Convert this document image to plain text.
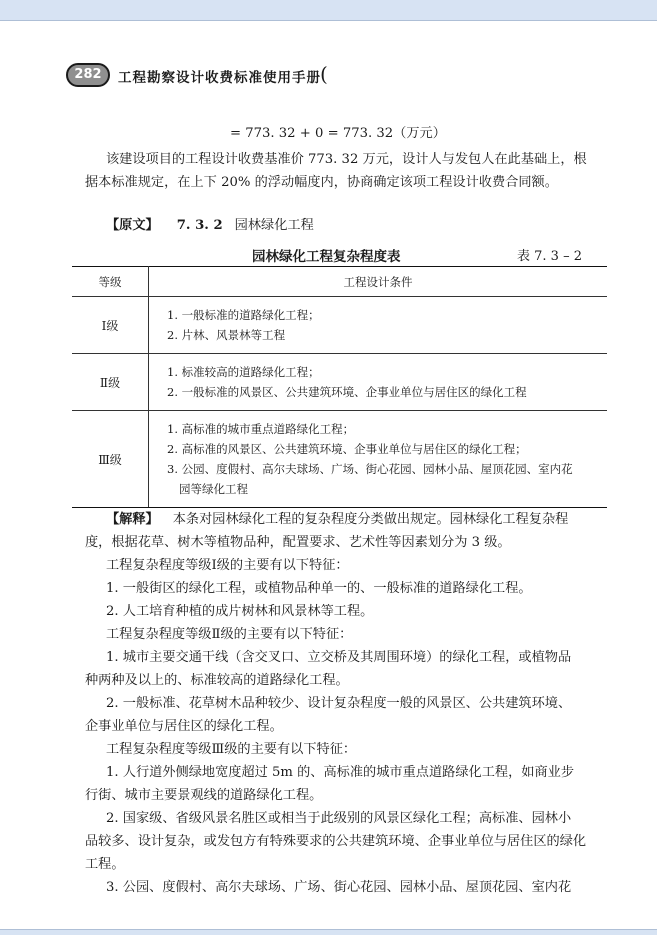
282	工程勘察设计收费标准使用手册 (

= 773. 32 + 0 = 773. 32（万元）

该建设项目的工程设计收费基准价 773. 32 万元，设计人与发包人在此基础上，根

据本标准规定，在上下 20% 的浮动幅度内，协商确定该项工程设计收费合同额。

【原文】 7. 3. 2 园林绿化工程

园林绿化工程复杂程度表	表 7. 3 – 2
等级	工程设计条件
Ⅰ级	1. 一般标准的道路绿化工程；
2. 片林、风景林等工程

Ⅱ级	1. 标准较高的道路绿化工程；
2. 一般标准的风景区、公共建筑环境、企事业单位与居住区的绿化工程

Ⅲ级	1. 高标准的城市重点道路绿化工程；
2. 高标准的风景区、公共建筑环境、企事业单位与居住区的绿化工程；
3. 公园、度假村、高尔夫球场、广场、街心花园、园林小品、屋顶花园、室内花
园等绿化工程

【解释】 本条对园林绿化工程的复杂程度分类做出规定。园林绿化工程复杂程

度，根据花草、树木等植物品种，配置要求、艺术性等因素划分为 3 级。

工程复杂程度等级Ⅰ级的主要有以下特征：

1. 一般街区的绿化工程，或植物品种单一的、一般标准的道路绿化工程。

2. 人工培育种植的成片树林和风景林等工程。

工程复杂程度等级Ⅱ级的主要有以下特征：

1. 城市主要交通干线（含交叉口、立交桥及其周围环境）的绿化工程，或植物品

种两种及以上的、标准较高的道路绿化工程。

2. 一般标准、花草树木品种较少、设计复杂程度一般的风景区、公共建筑环境、

企事业单位与居住区的绿化工程。

工程复杂程度等级Ⅲ级的主要有以下特征：

1. 人行道外侧绿地宽度超过 5m 的、高标准的城市重点道路绿化工程，如商业步

行街、城市主要景观线的道路绿化工程。

2. 国家级、省级风景名胜区或相当于此级别的风景区绿化工程；高标准、园林小

品较多、设计复杂，或发包方有特殊要求的公共建筑环境、企事业单位与居住区的绿化

工程。

3. 公园、度假村、高尔夫球场、广场、街心花园、园林小品、屋顶花园、室内花
